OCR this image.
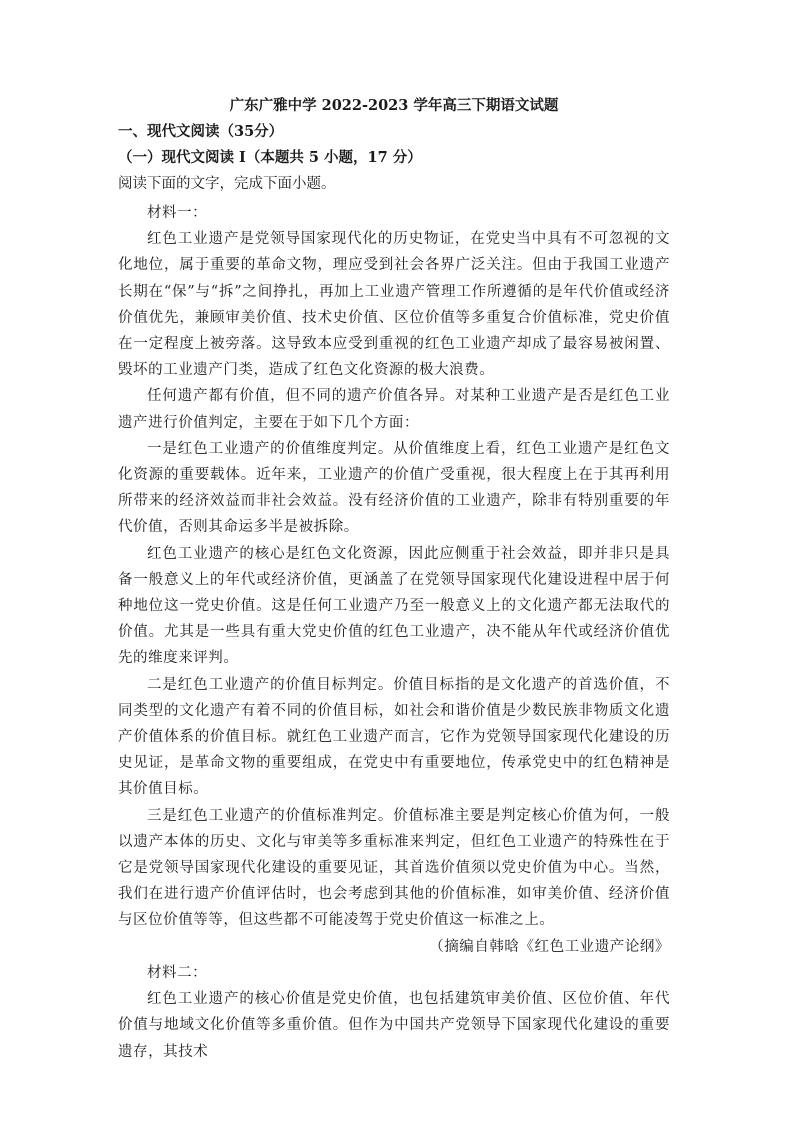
广东广雅中学 2022-2023 学年高三下期语文试题
一、现代文阅读（35分）
（一）现代文阅读 I（本题共 5 小题，17 分）
阅读下面的文字，完成下面小题。

材料一：

红色工业遗产是党领导国家现代化的历史物证，在党史当中具有不可忽视的文化地位，属于重要的革命文物，理应受到社会各界广泛关注。但由于我国工业遗产长期在“保”与“拆”之间挣扎，再加上工业遗产管理工作所遵循的是年代价值或经济价值优先，兼顾审美价值、技术史价值、区位价值等多重复合价值标准，党史价值在一定程度上被旁落。这导致本应受到重视的红色工业遗产却成了最容易被闲置、毁坏的工业遗产门类，造成了红色文化资源的极大浪费。

任何遗产都有价值，但不同的遗产价值各异。对某种工业遗产是否是红色工业遗产进行价值判定，主要在于如下几个方面：

一是红色工业遗产的价值维度判定。从价值维度上看，红色工业遗产是红色文化资源的重要载体。近年来，工业遗产的价值广受重视，很大程度上在于其再利用所带来的经济效益而非社会效益。没有经济价值的工业遗产，除非有特别重要的年代价值，否则其命运多半是被拆除。

红色工业遗产的核心是红色文化资源，因此应侧重于社会效益，即并非只是具备一般意义上的年代或经济价值，更涵盖了在党领导国家现代化建设进程中居于何种地位这一党史价值。这是任何工业遗产乃至一般意义上的文化遗产都无法取代的价值。尤其是一些具有重大党史价值的红色工业遗产，决不能从年代或经济价值优先的维度来评判。

二是红色工业遗产的价值目标判定。价值目标指的是文化遗产的首选价值，不同类型的文化遗产有着不同的价值目标，如社会和谐价值是少数民族非物质文化遗产价值体系的价值目标。就红色工业遗产而言，它作为党领导国家现代化建设的历史见证，是革命文物的重要组成，在党史中有重要地位，传承党史中的红色精神是其价值目标。

三是红色工业遗产的价值标准判定。价值标准主要是判定核心价值为何，一般以遗产本体的历史、文化与审美等多重标准来判定，但红色工业遗产的特殊性在于它是党领导国家现代化建设的重要见证，其首选价值须以党史价值为中心。当然，我们在进行遗产价值评估时，也会考虑到其他的价值标准，如审美价值、经济价值与区位价值等等，但这些都不可能凌驾于党史价值这一标准之上。

（摘编自韩晗《红色工业遗产论纲》

材料二：

红色工业遗产的核心价值是党史价值，也包括建筑审美价值、区位价值、年代价值与地域文化价值等多重价值。但作为中国共产党领导下国家现代化建设的重要遗存，其技术
